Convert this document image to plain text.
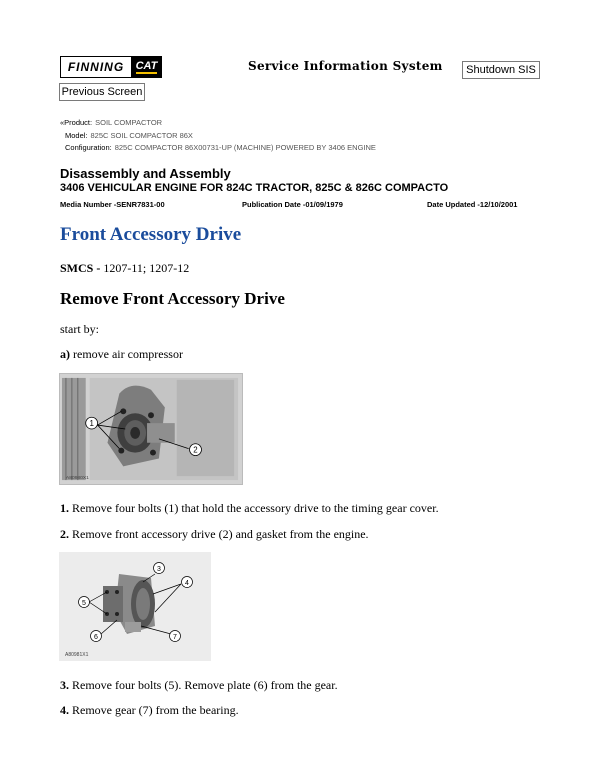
FINNING	CAT	Service Information System	Shutdown SIS
Previous Screen
«Product: SOIL COMPACTOR
Model: 825C SOIL COMPACTOR 86X
Configuration: 825C COMPACTOR 86X00731-UP (MACHINE) POWERED BY 3406 ENGINE
Disassembly and Assembly
3406 VEHICULAR ENGINE FOR 824C TRACTOR, 825C & 826C COMPACTO
Media Number -SENR7831-00	Publication Date -01/09/1979	Date Updated -12/10/2001
Front Accessory Drive
SMCS - 1207-11; 1207-12
Remove Front Accessory Drive
start by:
a) remove air compressor
1
2
A80980X1
1. Remove four bolts (1) that hold the accessory drive to the timing gear cover.
2. Remove front accessory drive (2) and gasket from the engine.
3
4
5
6	7
A80981X1
3. Remove four bolts (5). Remove plate (6) from the gear.
4. Remove gear (7) from the bearing.
